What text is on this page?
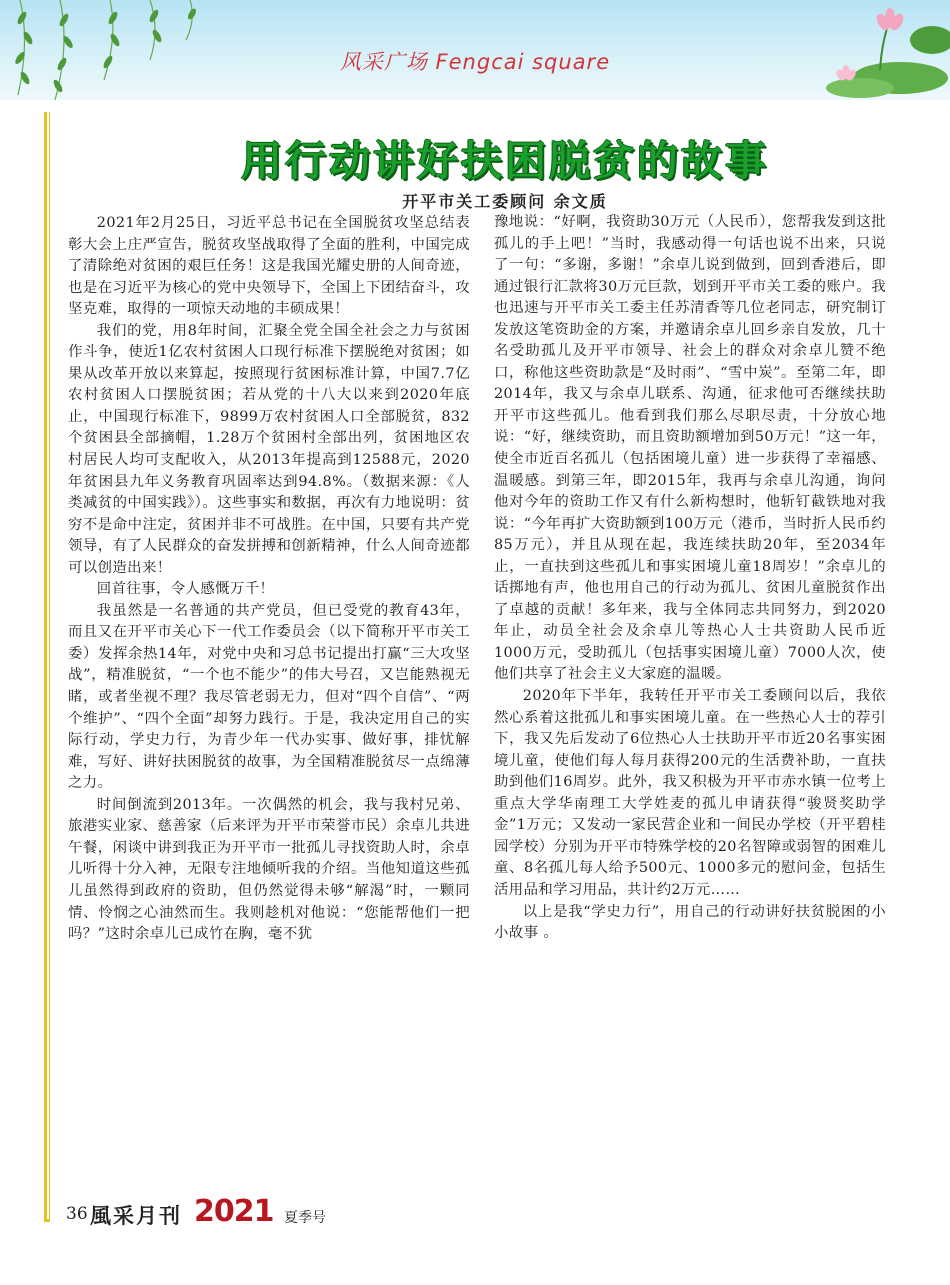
风采广场 Fengcai square
用行动讲好扶困脱贫的故事
开平市关工委顾问 余文质

2021年2月25日，习近平总书记在全国脱贫攻坚总结表彰大会上庄严宣告，脱贫攻坚战取得了全面的胜利，中国完成了清除绝对贫困的艰巨任务！这是我国光耀史册的人间奇迹，也是在习近平为核心的党中央领导下，全国上下团结奋斗，攻坚克难，取得的一项惊天动地的丰硕成果！

我们的党，用8年时间，汇聚全党全国全社会之力与贫困作斗争，使近1亿农村贫困人口现行标准下摆脱绝对贫困；如果从改革开放以来算起，按照现行贫困标准计算，中国7.7亿农村贫困人口摆脱贫困；若从党的十八大以来到2020年底止，中国现行标准下，9899万农村贫困人口全部脱贫，832个贫困县全部摘帽，1.28万个贫困村全部出列，贫困地区农村居民人均可支配收入，从2013年提高到12588元，2020年贫困县九年义务教育巩固率达到94.8%。（数据来源：《人类减贫的中国实践》）。这些事实和数据，再次有力地说明：贫穷不是命中注定，贫困并非不可战胜。在中国，只要有共产党领导，有了人民群众的奋发拼搏和创新精神，什么人间奇迹都可以创造出来！

回首往事，令人感慨万千！

我虽然是一名普通的共产党员，但已受党的教育43年，而且又在开平市关心下一代工作委员会（以下简称开平市关工委）发挥余热14年，对党中央和习总书记提出打赢“三大攻坚战”，精准脱贫，“一个也不能少”的伟大号召，又岂能熟视无睹，或者坐视不理？我尽管老弱无力，但对“四个自信”、“两个维护”、“四个全面”却努力践行。于是，我决定用自己的实际行动，学史力行，为青少年一代办实事、做好事，排忧解难，写好、讲好扶困脱贫的故事，为全国精准脱贫尽一点绵薄之力。

时间倒流到2013年。一次偶然的机会，我与我村兄弟、旅港实业家、慈善家（后来评为开平市荣誉市民）余卓儿共进午餐，闲谈中讲到我正为开平市一批孤儿寻找资助人时，余卓儿听得十分入神，无限专注地倾听我的介绍。当他知道这些孤儿虽然得到政府的资助，但仍然觉得未够“解渴”时，一颗同情、怜悯之心油然而生。我则趁机对他说：“您能帮他们一把吗？”这时余卓儿已成竹在胸，毫不犹

豫地说：“好啊，我资助30万元（人民币），您帮我发到这批孤儿的手上吧！”当时，我感动得一句话也说不出来，只说了一句：“多谢，多谢！”余卓儿说到做到，回到香港后，即通过银行汇款将30万元巨款，划到开平市关工委的账户。我也迅速与开平市关工委主任苏清香等几位老同志，研究制订发放这笔资助金的方案，并邀请余卓儿回乡亲自发放，几十名受助孤儿及开平市领导、社会上的群众对余卓儿赞不绝口，称他这些资助款是“及时雨”、“雪中炭”。至第二年，即2014年，我又与余卓儿联系、沟通，征求他可否继续扶助开平市这些孤儿。他看到我们那么尽职尽责，十分放心地说：“好，继续资助，而且资助额增加到50万元！”这一年，使全市近百名孤儿（包括困境儿童）进一步获得了幸福感、温暖感。到第三年，即2015年，我再与余卓儿沟通，询问他对今年的资助工作又有什么新构想时，他斩钉截铁地对我说：“今年再扩大资助额到100万元（港币，当时折人民币约85万元），并且从现在起，我连续扶助20年，至2034年止，一直扶到这些孤儿和事实困境儿童18周岁！”余卓儿的话掷地有声，他也用自己的行动为孤儿、贫困儿童脱贫作出了卓越的贡献！多年来，我与全体同志共同努力，到2020年止，动员全社会及余卓儿等热心人士共资助人民币近1000万元，受助孤儿（包括事实困境儿童）7000人次，使他们共享了社会主义大家庭的温暖。

2020年下半年，我转任开平市关工委顾问以后，我依然心系着这批孤儿和事实困境儿童。在一些热心人士的荐引下，我又先后发动了6位热心人士扶助开平市近20名事实困境儿童，使他们每人每月获得200元的生活费补助，一直扶助到他们16周岁。此外，我又积极为开平市赤水镇一位考上重点大学华南理工大学姓麦的孤儿申请获得“骏贤奖助学金”1万元；又发动一家民营企业和一间民办学校（开平碧桂园学校）分别为开平市特殊学校的20名智障或弱智的困难儿童、8名孤儿每人给予500元、1000多元的慰问金，包括生活用品和学习用品，共计约2万元……

以上是我“学史力行”，用自己的行动讲好扶贫脱困的小小故事 。

36 風采月刊 2021 夏季号
